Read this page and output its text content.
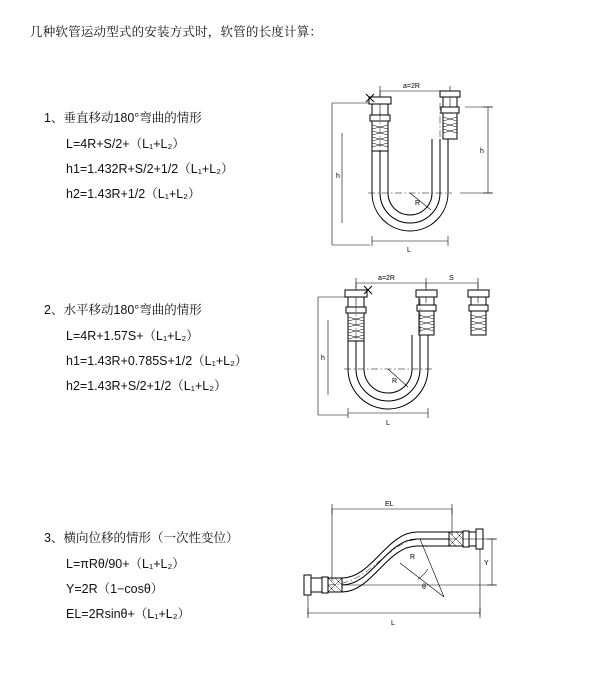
几种软管运动型式的安装方式时，软管的长度计算：
1、垂直移动180°弯曲的情形
L=4R+S/2+（L₁+L₂）
h1=1.432R+S/2+1/2（L₁+L₂）
h2=1.43R+1/2（L₁+L₂）
a=2R
h
h
R
L
2、水平移动180°弯曲的情形
L=4R+1.57S+（L₁+L₂）
h1=1.43R+0.785S+1/2（L₁+L₂）
h2=1.43R+S/2+1/2（L₁+L₂）
a=2R	S
h
R
L
3、横向位移的情形（一次性变位）
L=πRθ/90+（L₁+L₂）
Y=2R（1−cosθ）
EL=2Rsinθ+（L₁+L₂）
EL
Y
R
θ
L
